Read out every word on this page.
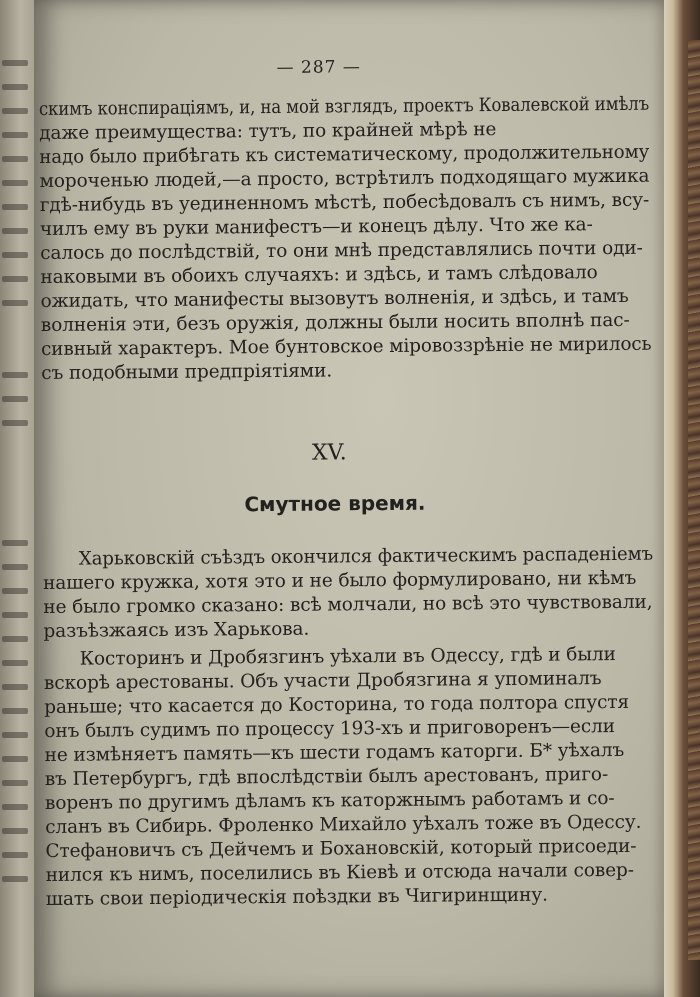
— 287 —
скимъ конспираціямъ, и, на мой взглядъ, проектъ Ковалевской имѣлъ
даже преимущества: тутъ, по крайней мѣрѣ не
надо было прибѣгать къ систематическому, продолжительному
мороченью людей,—а просто, встрѣтилъ подходящаго мужика
гдѣ-нибудь въ уединенномъ мѣстѣ, побесѣдовалъ съ нимъ, всу-
чилъ ему въ руки манифестъ—и конецъ дѣлу. Что же ка-
салось до послѣдствій, то они мнѣ представлялись почти оди-
наковыми въ обоихъ случаяхъ: и здѣсь, и тамъ слѣдовало
ожидать, что манифесты вызовутъ волненія, и здѣсь, и тамъ
волненія эти, безъ оружія, должны были носить вполнѣ пас-
сивный характеръ. Мое бунтовское міровоззрѣніе не мирилось
съ подобными предпріятіями.
XV.
Смутное время.
Харьковскій съѣздъ окончился фактическимъ распаденіемъ
нашего кружка, хотя это и не было формулировано, ни кѣмъ
не было громко сказано: всѣ молчали, но всѣ это чувствовали,
разъѣзжаясь изъ Харькова.
Косторинъ и Дробязгинъ уѣхали въ Одессу, гдѣ и были
вскорѣ арестованы. Объ участи Дробязгина я упоминалъ
раньше; что касается до Косторина, то года полтора спустя
онъ былъ судимъ по процессу 193-хъ и приговоренъ—если
не измѣняетъ память—къ шести годамъ каторги. Б* уѣхалъ
въ Петербургъ, гдѣ впослѣдствіи былъ арестованъ, приго-
воренъ по другимъ дѣламъ къ каторжнымъ работамъ и со-
сланъ въ Сибирь. Фроленко Михайло уѣхалъ тоже въ Одессу.
Стефановичъ съ Дейчемъ и Бохановскій, который присоеди-
нился къ нимъ, поселились въ Кіевѣ и отсюда начали совер-
шать свои періодическія поѣздки въ Чигиринщину.
